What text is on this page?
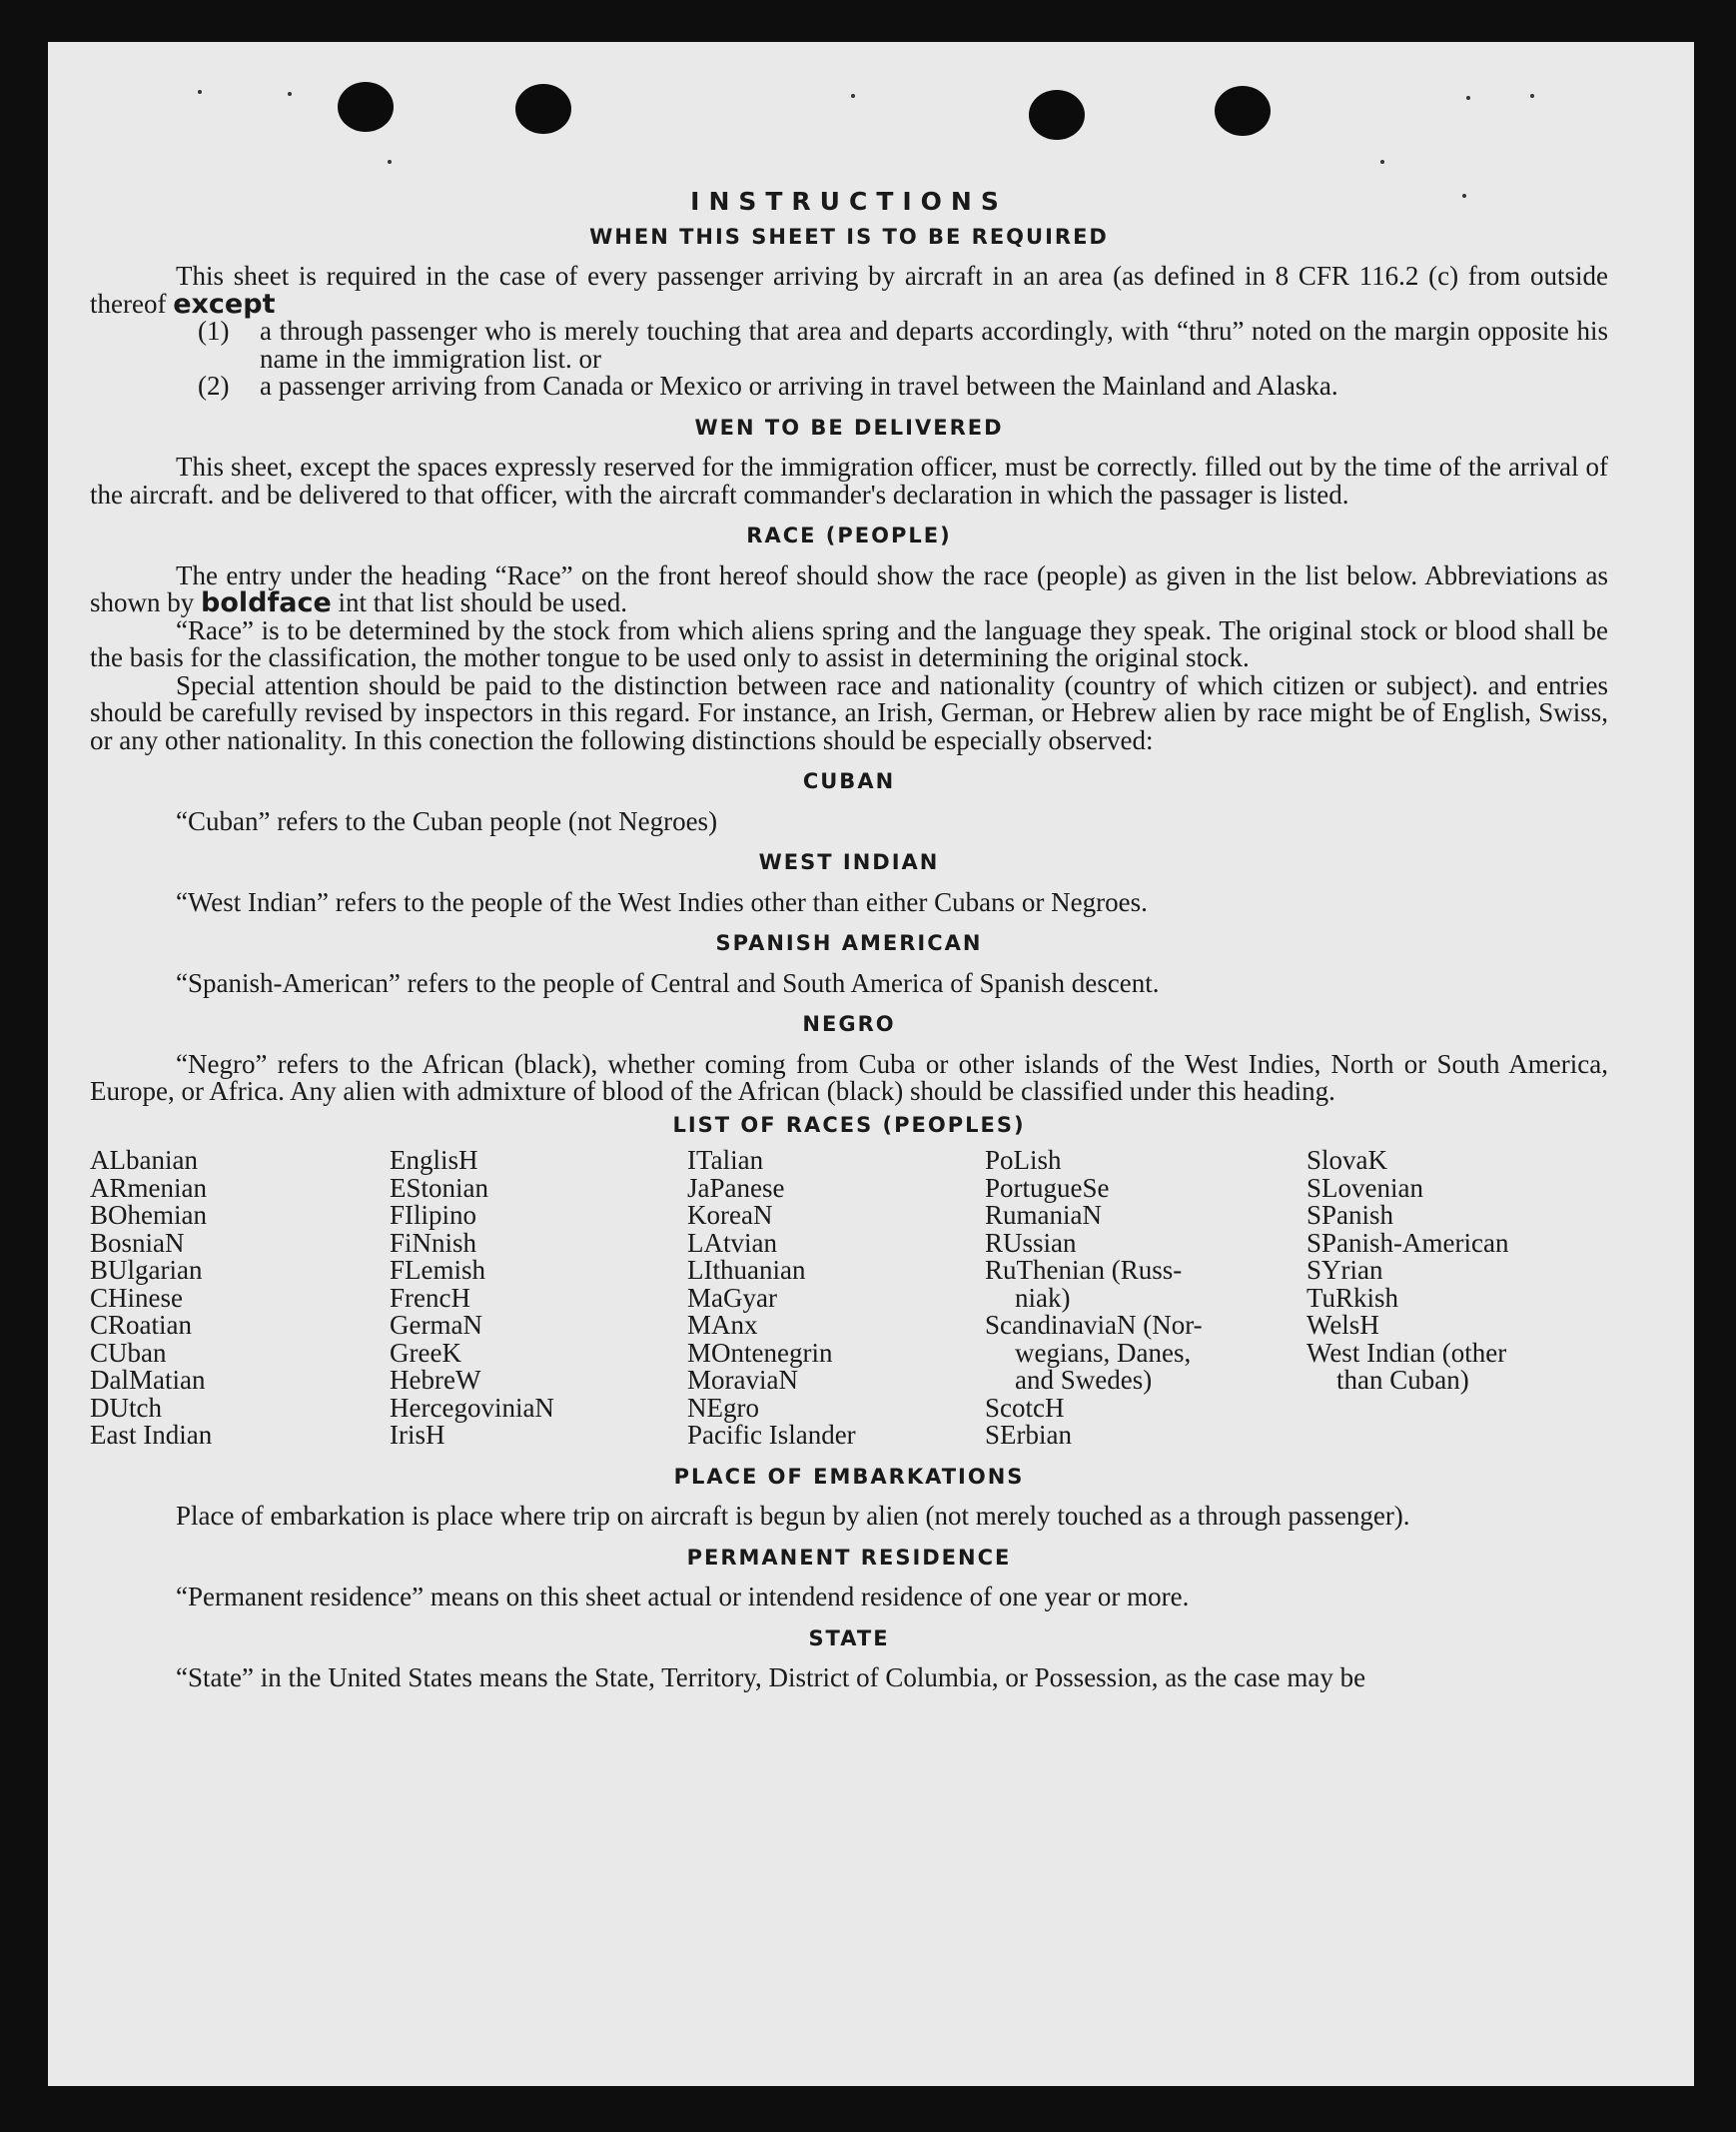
INSTRUCTIONS
WHEN THIS SHEET IS TO BE REQUIRED

This sheet is required in the case of every passenger arriving by aircraft in an area (as defined in 8 CFR 116.2 (c) from outside thereof except

(1)	a through passenger who is merely touching that area and departs accordingly, with “thru” noted on the margin opposite his name in the immigration list. or
(2)	a passenger arriving from Canada or Mexico or arriving in travel between the Mainland and Alaska.
WEN TO BE DELIVERED

This sheet, except the spaces expressly reserved for the immigration officer, must be correctly. filled out by the time of the arrival of the aircraft. and be delivered to that officer, with the aircraft commander's declaration in which the passager is listed.

RACE (PEOPLE)

The entry under the heading “Race” on the front hereof should show the race (people) as given in the list below. Abbreviations as shown by boldface int that list should be used.

“Race” is to be determined by the stock from which aliens spring and the language they speak. The original stock or blood shall be the basis for the classification, the mother tongue to be used only to assist in determining the original stock.

Special attention should be paid to the distinction between race and nationality (country of which citizen or subject). and entries should be carefully revised by inspectors in this regard. For instance, an Irish, German, or Hebrew alien by race might be of English, Swiss, or any other nationality. In this conection the following distinctions should be especially observed:

CUBAN
“Cuban” refers to the Cuban people (not Negroes)
WEST INDIAN
“West Indian” refers to the people of the West Indies other than either Cubans or Negroes.
SPANISH AMERICAN
“Spanish-American” refers to the people of Central and South America of Spanish descent.
NEGRO

“Negro” refers to the African (black), whether coming from Cuba or other islands of the West Indies, North or South America, Europe, or Africa. Any alien with admixture of blood of the African (black) should be classified under this heading.

LIST OF RACES (PEOPLES)
ALbanian
ARmenian
BOhemian
BosniaN
BUlgarian
CHinese
CRoatian
CUban
DalMatian
DUtch
East Indian
EnglisH
EStonian
FIlipino
FiNnish
FLemish
FrencH
GermaN
GreeK
HebreW
HercegoviniaN
IrisH
ITalian
JaPanese
KoreaN
LAtvian
LIthuanian
MaGyar
MAnx
MOntenegrin
MoraviaN
NEgro
Pacific Islander
PoLish
PortugueSe
RumaniaN
RUssian
RuThenian (Russ-
niak)
ScandinaviaN (Nor-
wegians, Danes,
and Swedes)
ScotcH
SErbian
SlovaK
SLovenian
SPanish
SPanish-American
SYrian
TuRkish
WelsH
West Indian (other
than Cuban)
PLACE OF EMBARKATIONS

Place of embarkation is place where trip on aircraft is begun by alien (not merely touched as a through passenger).

PERMANENT RESIDENCE
“Permanent residence” means on this sheet actual or intendend residence of one year or more.
STATE

“State” in the United States means the State, Territory, District of Columbia, or Possession, as the case may be
